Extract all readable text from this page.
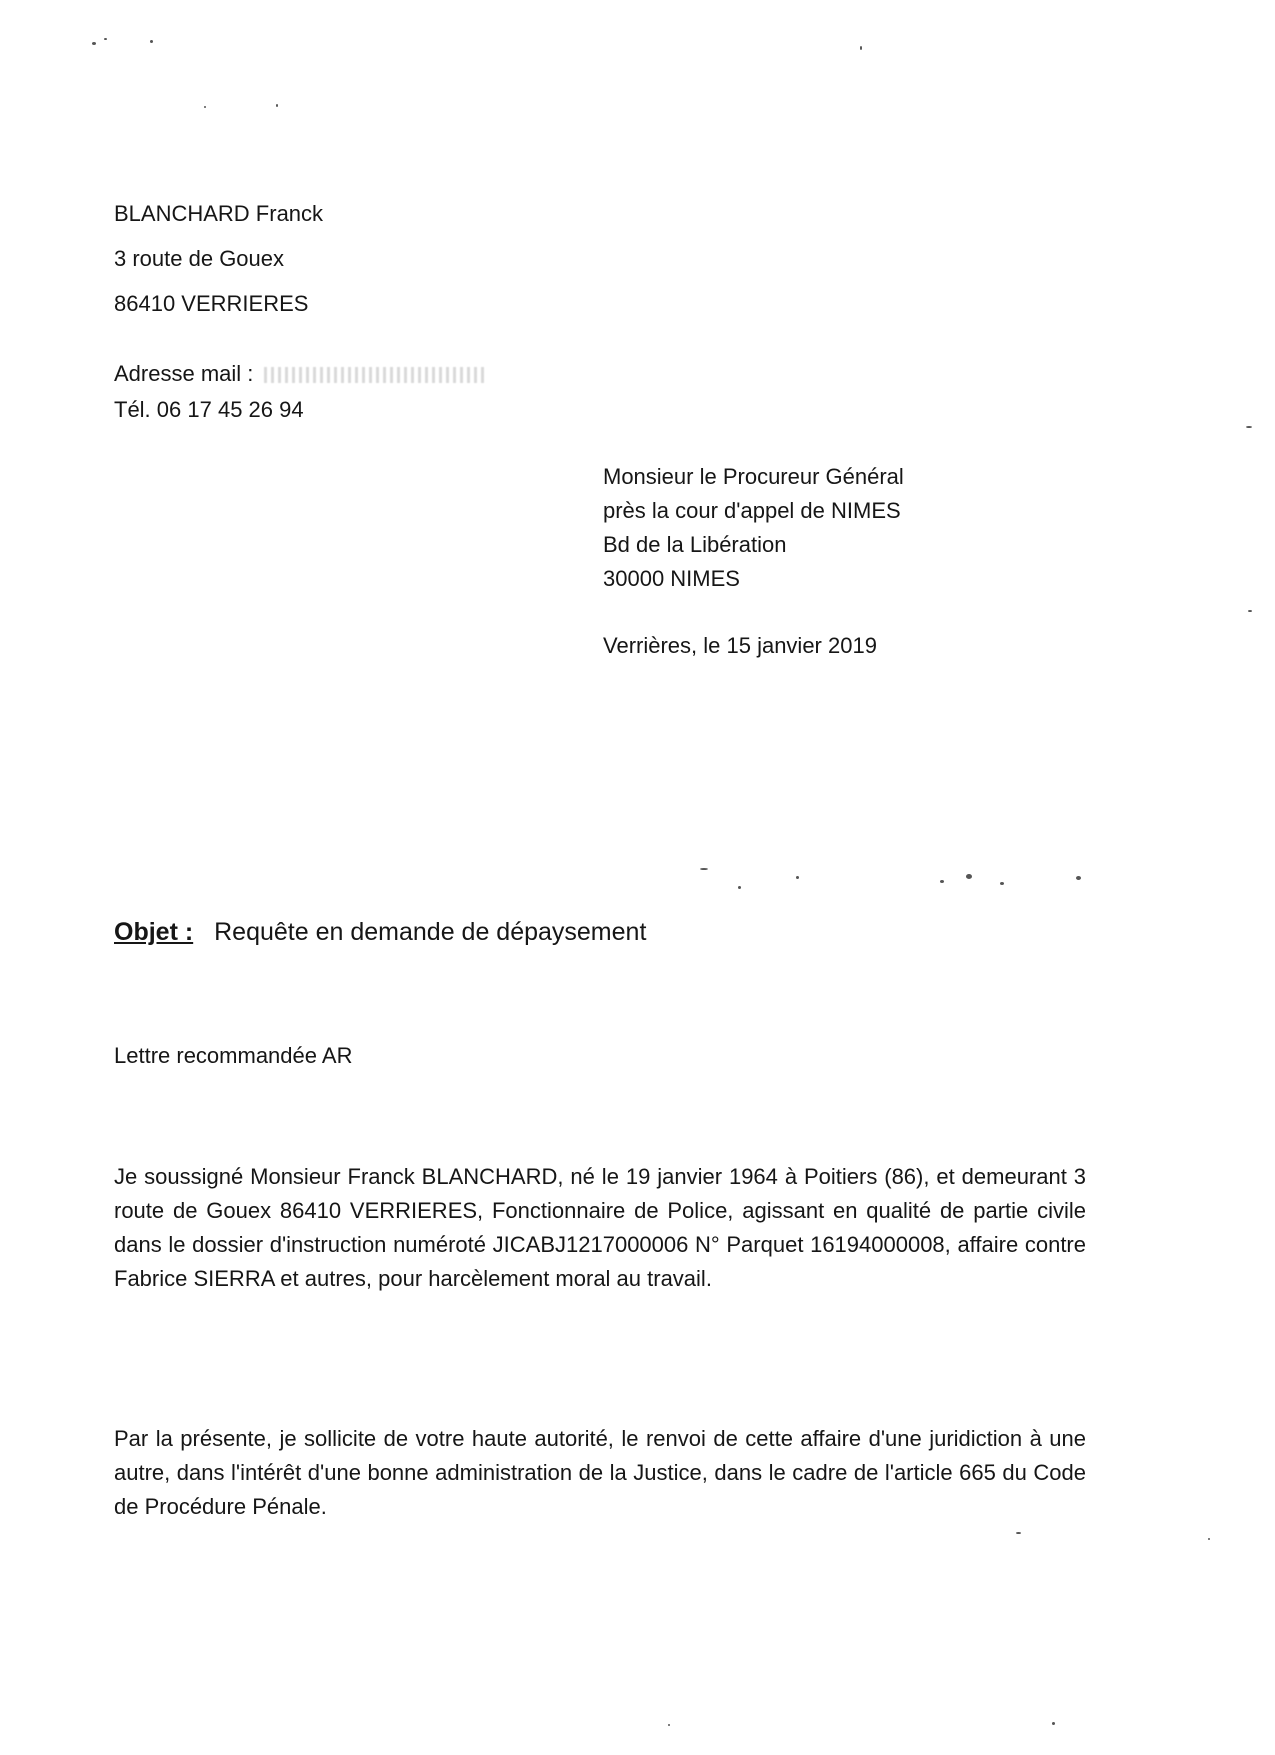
BLANCHARD Franck
3 route de Gouex
86410 VERRIERES
Adresse mail :
Tél. 06 17 45 26 94
Monsieur le Procureur Général
près la cour d'appel de NIMES
Bd de la Libération
30000 NIMES
Verrières, le 15 janvier 2019
Objet : Requête en demande de dépaysement
Lettre recommandée AR
Je soussigné Monsieur Franck BLANCHARD, né le 19 janvier 1964 à Poitiers (86), et demeurant 3 route de Gouex 86410 VERRIERES, Fonctionnaire de Police, agissant en qualité de partie civile dans le dossier d'instruction numéroté JICABJ1217000006 N° Parquet 16194000008, affaire contre Fabrice SIERRA et autres, pour harcèlement moral au travail.
Par la présente, je sollicite de votre haute autorité, le renvoi de cette affaire d'une juridiction à une autre, dans l'intérêt d'une bonne administration de la Justice, dans le cadre de l'article 665 du Code de Procédure Pénale.
